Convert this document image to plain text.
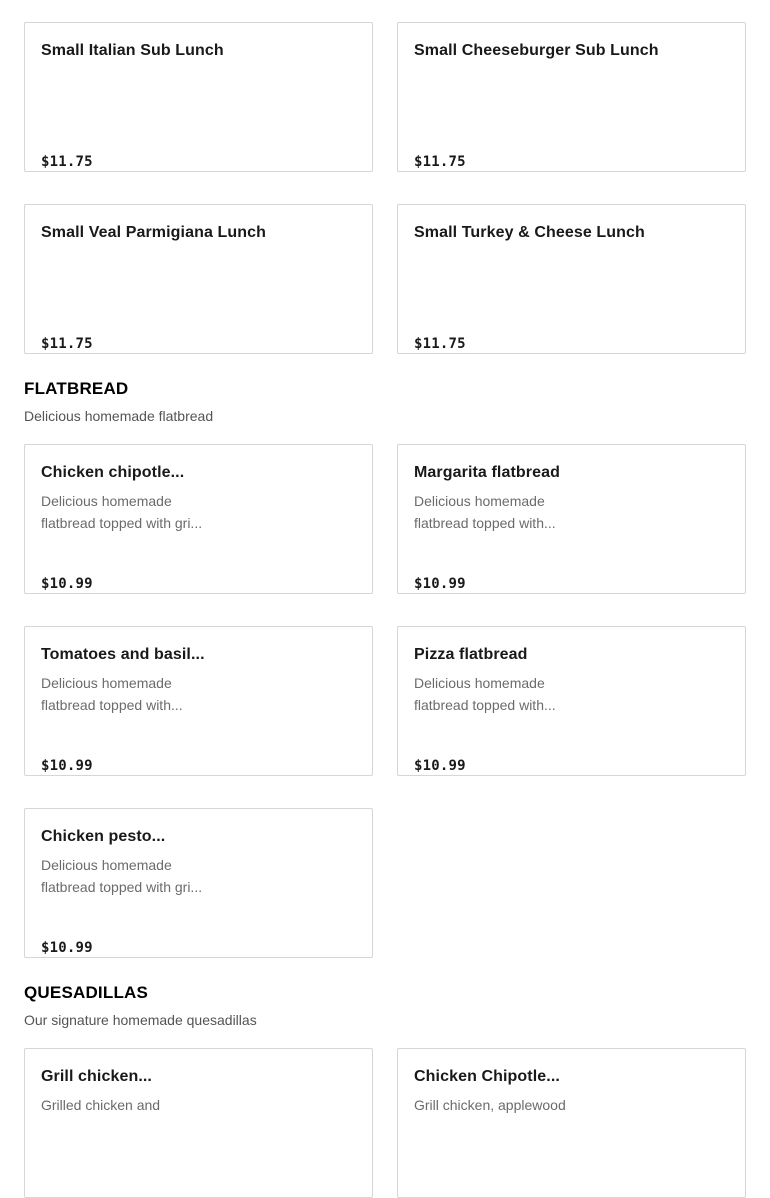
Small Italian Sub Lunch
$11.75
Small Cheeseburger Sub Lunch
$11.75
Small Veal Parmigiana Lunch
$11.75
Small Turkey & Cheese Lunch
$11.75
FLATBREAD

Delicious homemade flatbread

Chicken chipotle...
Delicious homemade flatbread topped with gri...
$10.99
Margarita flatbread
Delicious homemade flatbread topped with...
$10.99
Tomatoes and basil...
Delicious homemade flatbread topped with...
$10.99
Pizza flatbread
Delicious homemade flatbread topped with...
$10.99
Chicken pesto...
Delicious homemade flatbread topped with gri...
$10.99
QUESADILLAS

Our signature homemade quesadillas

Grill chicken...
Grilled chicken and
Chicken Chipotle...
Grill chicken, applewood
